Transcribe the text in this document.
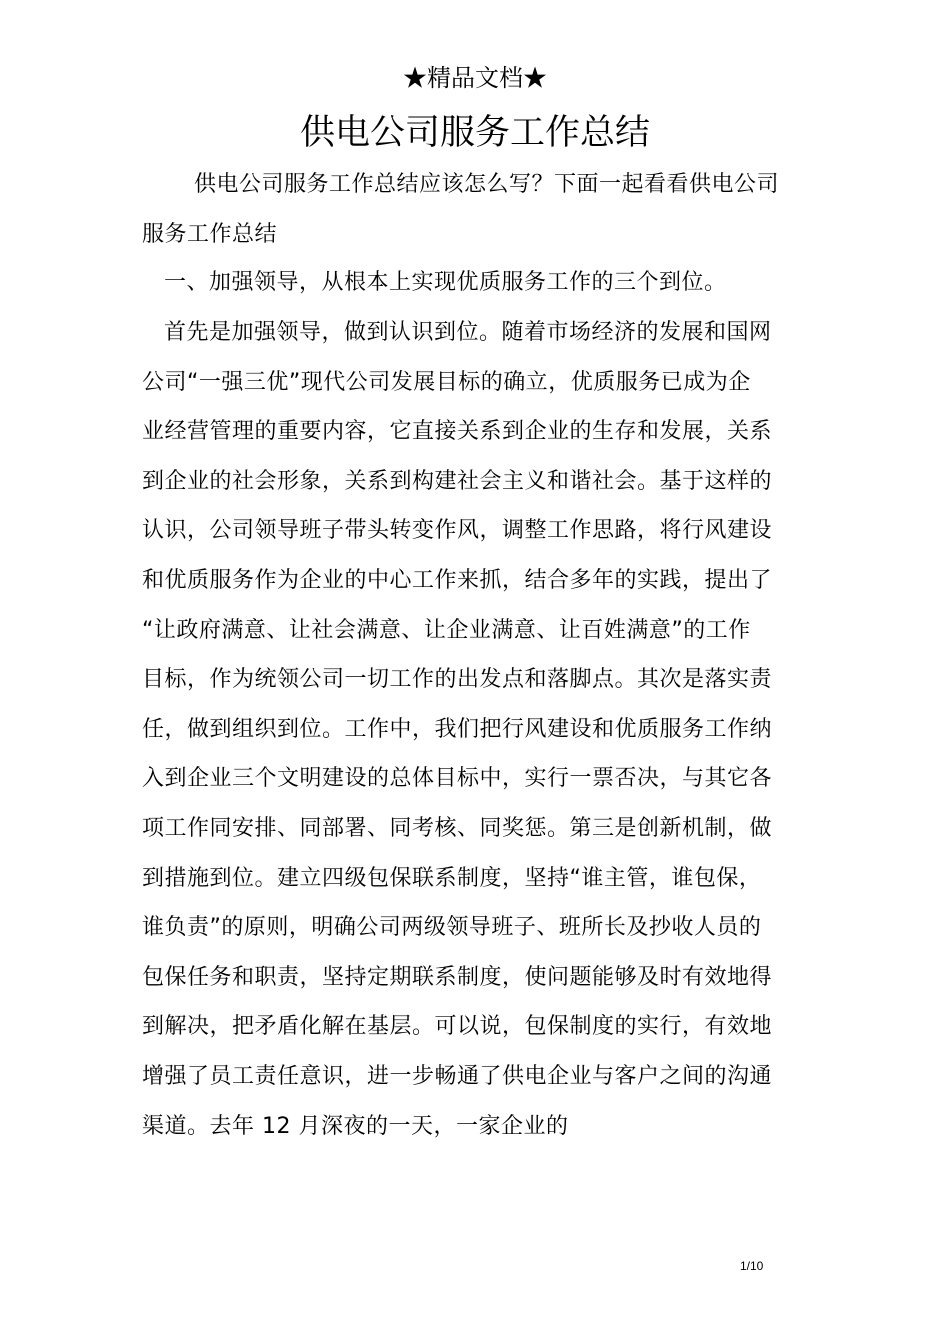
★精品文档★
供电公司服务工作总结
供电公司服务工作总结应该怎么写？下面一起看看供电公司
服务工作总结
一、加强领导，从根本上实现优质服务工作的三个到位。
首先是加强领导，做到认识到位。随着市场经济的发展和国网
公司“一强三优”现代公司发展目标的确立，优质服务已成为企
业经营管理的重要内容，它直接关系到企业的生存和发展，关系
到企业的社会形象，关系到构建社会主义和谐社会。基于这样的
认识，公司领导班子带头转变作风，调整工作思路，将行风建设
和优质服务作为企业的中心工作来抓，结合多年的实践，提出了
“让政府满意、让社会满意、让企业满意、让百姓满意”的工作
目标，作为统领公司一切工作的出发点和落脚点。其次是落实责
任，做到组织到位。工作中，我们把行风建设和优质服务工作纳
入到企业三个文明建设的总体目标中，实行一票否决，与其它各
项工作同安排、同部署、同考核、同奖惩。第三是创新机制，做
到措施到位。建立四级包保联系制度，坚持“谁主管，谁包保，
谁负责”的原则，明确公司两级领导班子、班所长及抄收人员的
包保任务和职责，坚持定期联系制度，使问题能够及时有效地得
到解决，把矛盾化解在基层。可以说，包保制度的实行，有效地
增强了员工责任意识，进一步畅通了供电企业与客户之间的沟通
渠道。去年 12 月深夜的一天，一家企业的
1/10
